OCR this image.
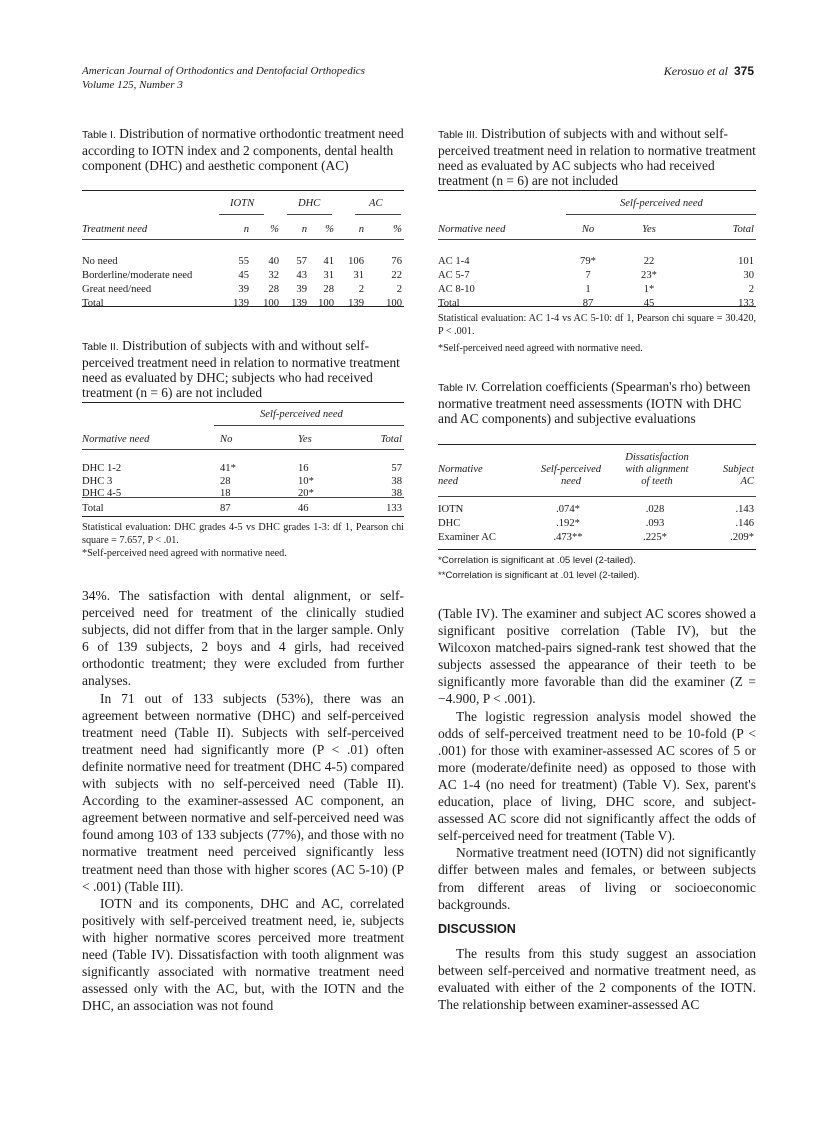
American Journal of Orthodontics and Dentofacial Orthopedics
Volume 125, Number 3
Kerosuo et al 375
Table I. Distribution of normative orthodontic treatment need according to IOTN index and 2 components, dental health component (DHC) and aesthetic component (AC)
IOTN	DHC	AC
Treatment need	n	%	n	%	n	%

No need	55	40	57	41	106	76
Borderline/moderate need	45	32	43	31	31	22
Great need/need	39	28	39	28	2	2
Total	139	100	139	100	139	100
Table II. Distribution of subjects with and without self-perceived treatment need in relation to normative treatment need as evaluated by DHC; subjects who had received treatment (n = 6) are not included
Self-perceived need
Normative need	No	Yes	Total

DHC 1-2	41*	16	57
DHC 3	28	10*	38
DHC 4-5	18	20*	38
Total	87	46	133
Statistical evaluation: DHC grades 4-5 vs DHC grades 1-3: df 1, Pearson chi square = 7.657, P < .01.
*Self-perceived need agreed with normative need.

34%. The satisfaction with dental alignment, or self-perceived need for treatment of the clinically studied subjects, did not differ from that in the larger sample. Only 6 of 139 subjects, 2 boys and 4 girls, had received orthodontic treatment; they were excluded from further analyses.

In 71 out of 133 subjects (53%), there was an agreement between normative (DHC) and self-perceived treatment need (Table II). Subjects with self-perceived treatment need had significantly more (P < .01) often definite normative need for treatment (DHC 4-5) compared with subjects with no self-perceived need (Table II). According to the examiner-assessed AC component, an agreement between normative and self-perceived need was found among 103 of 133 subjects (77%), and those with no normative treatment need perceived significantly less treatment need than those with higher scores (AC 5-10) (P < .001) (Table III).

IOTN and its components, DHC and AC, correlated positively with self-perceived treatment need, ie, subjects with higher normative scores perceived more treatment need (Table IV). Dissatisfaction with tooth alignment was significantly associated with normative treatment need assessed only with the AC, but, with the IOTN and the DHC, an association was not found

Table III. Distribution of subjects with and without self-perceived treatment need in relation to normative treatment need as evaluated by AC subjects who had received treatment (n = 6) are not included
Self-perceived need
Normative need	No	Yes	Total

AC 1-4	79*	22	101
AC 5-7	7	23*	30
AC 8-10	1	1*	2
Total	87	45	133
Statistical evaluation: AC 1-4 vs AC 5-10: df 1, Pearson chi square = 30.420, P < .001.
*Self-perceived need agreed with normative need.
Table IV. Correlation coefficients (Spearman's rho) between normative treatment need assessments (IOTN with DHC and AC components) and subjective evaluations
Normative need	Self-perceived need	Dissatisfaction with alignment of teeth	Subject AC

IOTN	.074*	.028	.143
DHC	.192*	.093	.146
Examiner AC	.473**	.225*	.209*
*Correlation is significant at .05 level (2-tailed).
**Correlation is significant at .01 level (2-tailed).

(Table IV). The examiner and subject AC scores showed a significant positive correlation (Table IV), but the Wilcoxon matched-pairs signed-rank test showed that the subjects assessed the appearance of their teeth to be significantly more favorable than did the examiner (Z = −4.900, P < .001).

The logistic regression analysis model showed the odds of self-perceived treatment need to be 10-fold (P < .001) for those with examiner-assessed AC scores of 5 or more (moderate/definite need) as opposed to those with AC 1-4 (no need for treatment) (Table V). Sex, parent's education, place of living, DHC score, and subject-assessed AC score did not significantly affect the odds of self-perceived need for treatment (Table V).

Normative treatment need (IOTN) did not significantly differ between males and females, or between subjects from different areas of living or socioeconomic backgrounds.

DISCUSSION

The results from this study suggest an association between self-perceived and normative treatment need, as evaluated with either of the 2 components of the IOTN. The relationship between examiner-assessed AC
